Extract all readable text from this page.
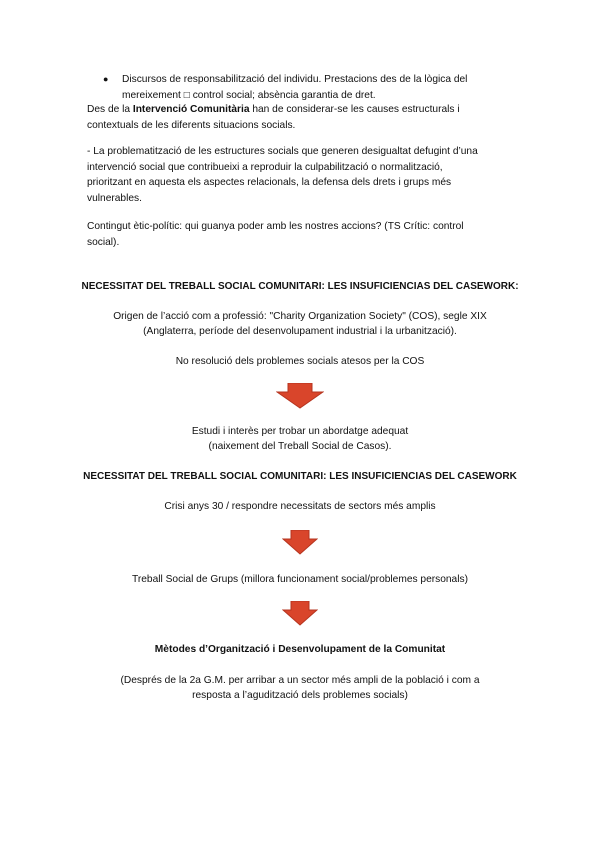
● Discursos de responsabilització del individu. Prestacions des de la lògica del
mereixement □ control social; absència garantia de dret.
Des de la Intervenció Comunitària han de considerar-se les causes estructurals i
contextuals de les diferents situacions socials.
- La problematització de les estructures socials que generen desigualtat defugint d’una
intervenció social que contribueixi a reproduir la culpabilització o normalització,
prioritzant en aquesta els aspectes relacionals, la defensa dels drets i grups més
vulnerables.
Contingut ètic-polític: qui guanya poder amb les nostres accions? (TS Crític: control
social).
NECESSITAT DEL TREBALL SOCIAL COMUNITARI: LES INSUFICIENCIAS DEL CASEWORK:
Origen de l’acció com a professió: "Charity Organization Society" (COS), segle XIX
(Anglaterra, període del desenvolupament industrial i la urbanització).
No resolució dels problemes socials atesos per la COS
Estudi i interès per trobar un abordatge adequat
(naixement del Treball Social de Casos).
NECESSITAT DEL TREBALL SOCIAL COMUNITARI: LES INSUFICIENCIAS DEL CASEWORK
Crisi anys 30 / respondre necessitats de sectors més amplis
Treball Social de Grups (millora funcionament social/problemes personals)
Mètodes d’Organització i Desenvolupament de la Comunitat
(Després de la 2a G.M. per arribar a un sector més ampli de la població i com a
resposta a l’agudització dels problemes socials)
